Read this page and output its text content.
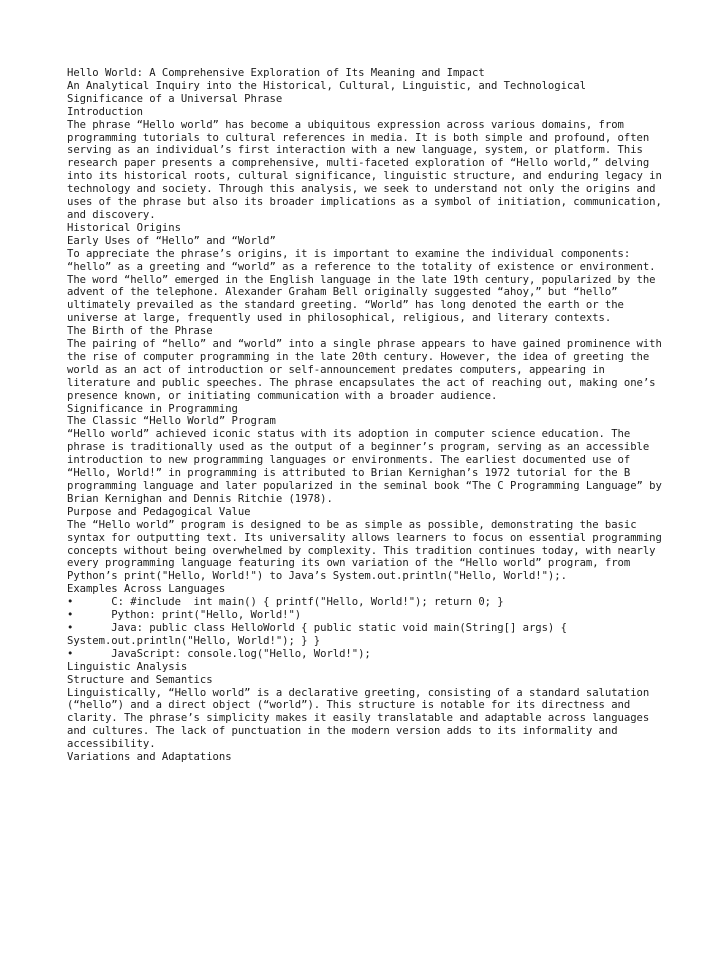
Hello World: A Comprehensive Exploration of Its Meaning and Impact

An Analytical Inquiry into the Historical, Cultural, Linguistic, and Technological Significance of a Universal Phrase

Introduction

The phrase “Hello world” has become a ubiquitous expression across various domains, from programming tutorials to cultural references in media. It is both simple and profound, often serving as an individual’s first interaction with a new language, system, or platform. This research paper presents a comprehensive, multi-faceted exploration of “Hello world,” delving into its historical roots, cultural significance, linguistic structure, and enduring legacy in technology and society. Through this analysis, we seek to understand not only the origins and uses of the phrase but also its broader implications as a symbol of initiation, communication, and discovery.

Historical Origins

Early Uses of “Hello” and “World”

To appreciate the phrase’s origins, it is important to examine the individual components: “hello” as a greeting and “world” as a reference to the totality of existence or environment. The word “hello” emerged in the English language in the late 19th century, popularized by the advent of the telephone. Alexander Graham Bell originally suggested “ahoy,” but “hello” ultimately prevailed as the standard greeting. “World” has long denoted the earth or the universe at large, frequently used in philosophical, religious, and literary contexts.

The Birth of the Phrase

The pairing of “hello” and “world” into a single phrase appears to have gained prominence with the rise of computer programming in the late 20th century. However, the idea of greeting the world as an act of introduction or self-announcement predates computers, appearing in literature and public speeches. The phrase encapsulates the act of reaching out, making one’s presence known, or initiating communication with a broader audience.

Significance in Programming

The Classic “Hello World” Program

“Hello world” achieved iconic status with its adoption in computer science education. The phrase is traditionally used as the output of a beginner’s program, serving as an accessible introduction to new programming languages or environments. The earliest documented use of “Hello, World!” in programming is attributed to Brian Kernighan’s 1972 tutorial for the B programming language and later popularized in the seminal book “The C Programming Language” by Brian Kernighan and Dennis Ritchie (1978).

Purpose and Pedagogical Value

The “Hello world” program is designed to be as simple as possible, demonstrating the basic syntax for outputting text. Its universality allows learners to focus on essential programming concepts without being overwhelmed by complexity. This tradition continues today, with nearly every programming language featuring its own variation of the “Hello world” program, from Python’s print("Hello, World!") to Java’s System.out.println("Hello, World!");.

Examples Across Languages

•	C: #include  int main() { printf("Hello, World!"); return 0; }

•	Python: print("Hello, World!")

•	Java: public class HelloWorld { public static void main(String[] args) { System.out.println("Hello, World!"); } }

•	JavaScript: console.log("Hello, World!");

Linguistic Analysis

Structure and Semantics

Linguistically, “Hello world” is a declarative greeting, consisting of a standard salutation (“hello”) and a direct object (“world”). This structure is notable for its directness and clarity. The phrase’s simplicity makes it easily translatable and adaptable across languages and cultures. The lack of punctuation in the modern version adds to its informality and accessibility.

Variations and Adaptations
